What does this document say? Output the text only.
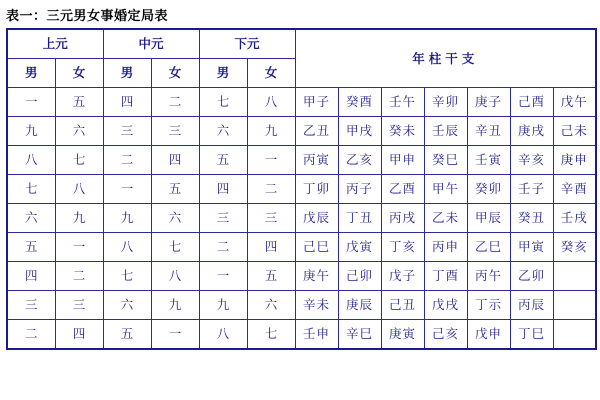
表一：三元男女事婚定局表
上元		中元		下元		年柱干支						
男	女	男	女	男	女							
一	五	四	二	七	八	甲子	癸酉	壬午	辛卯	庚子	己酉	戊午
九	六	三	三	六	九	乙丑	甲戌	癸未	壬辰	辛丑	庚戌	己未
八	七	二	四	五	一	丙寅	乙亥	甲申	癸巳	壬寅	辛亥	庚申
七	八	一	五	四	二	丁卯	丙子	乙酉	甲午	癸卯	壬子	辛酉
六	九	九	六	三	三	戊辰	丁丑	丙戌	乙未	甲辰	癸丑	壬戌
五	一	八	七	二	四	己巳	戊寅	丁亥	丙申	乙巳	甲寅	癸亥
四	二	七	八	一	五	庚午	己卯	戊子	丁酉	丙午	乙卯	
三	三	六	九	九	六	辛未	庚辰	己丑	戊戌	丁示	丙辰	
二	四	五	一	八	七	壬申	辛巳	庚寅	己亥	戊申	丁巳	
